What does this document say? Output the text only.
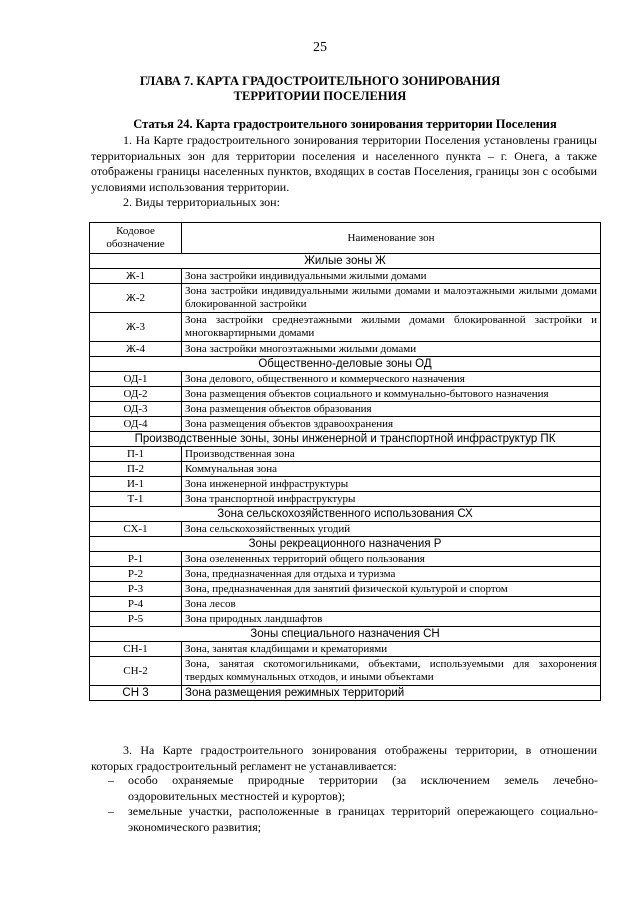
25
ГЛАВА 7. КАРТА ГРАДОСТРОИТЕЛЬНОГО ЗОНИРОВАНИЯ ТЕРРИТОРИИ ПОСЕЛЕНИЯ
Статья 24. Карта градостроительного зонирования территории Поселения
1. На Карте градостроительного зонирования территории Поселения установлены границы территориальных зон для территории поселения и населенного пункта – г. Онега, а также отображены границы населенных пунктов, входящих в состав Поселения, границы зон с особыми условиями использования территории.
2. Виды территориальных зон:
Кодовое обозначение	Наименование зон
Жилые зоны Ж	
Ж-1	Зона застройки индивидуальными жилыми домами
Ж-2	Зона застройки индивидуальными жилыми домами и малоэтажными жилыми домами блокированной застройки
Ж-3	Зона застройки среднеэтажными жилыми домами блокированной застройки и многоквартирными домами
Ж-4	Зона застройки многоэтажными жилыми домами
Общественно-деловые зоны ОД	
ОД-1	Зона делового, общественного и коммерческого назначения
ОД-2	Зона размещения объектов социального и коммунально-бытового назначения
ОД-3	Зона размещения объектов образования
ОД-4	Зона размещения объектов здравоохранения
Производственные зоны, зоны инженерной и транспортной инфраструктур ПК	
П-1	Производственная зона
П-2	Коммунальная зона
И-1	Зона инженерной инфраструктуры
Т-1	Зона транспортной инфраструктуры
Зона сельскохозяйственного использования СХ	
СХ-1	Зона сельскохозяйственных угодий
Зоны рекреационного назначения Р	
Р-1	Зона озелененных территорий общего пользования
Р-2	Зона, предназначенная для отдыха и туризма
Р-3	Зона, предназначенная для занятий физической культурой и спортом
Р-4	Зона лесов
Р-5	Зона природных ландшафтов
Зоны специального назначения СН	
СН-1	Зона, занятая кладбищами и крематориями
СН-2	Зона, занятая скотомогильниками, объектами, используемыми для захоронения твердых коммунальных отходов, и иными объектами
СН 3	Зона размещения режимных территорий
3. На Карте градостроительного зонирования отображены территории, в отношении которых градостроительный регламент не устанавливается:
– особо охраняемые природные территории (за исключением земель лечебно-оздоровительных местностей и курортов);
– земельные участки, расположенные в границах территорий опережающего социально-экономического развития;
